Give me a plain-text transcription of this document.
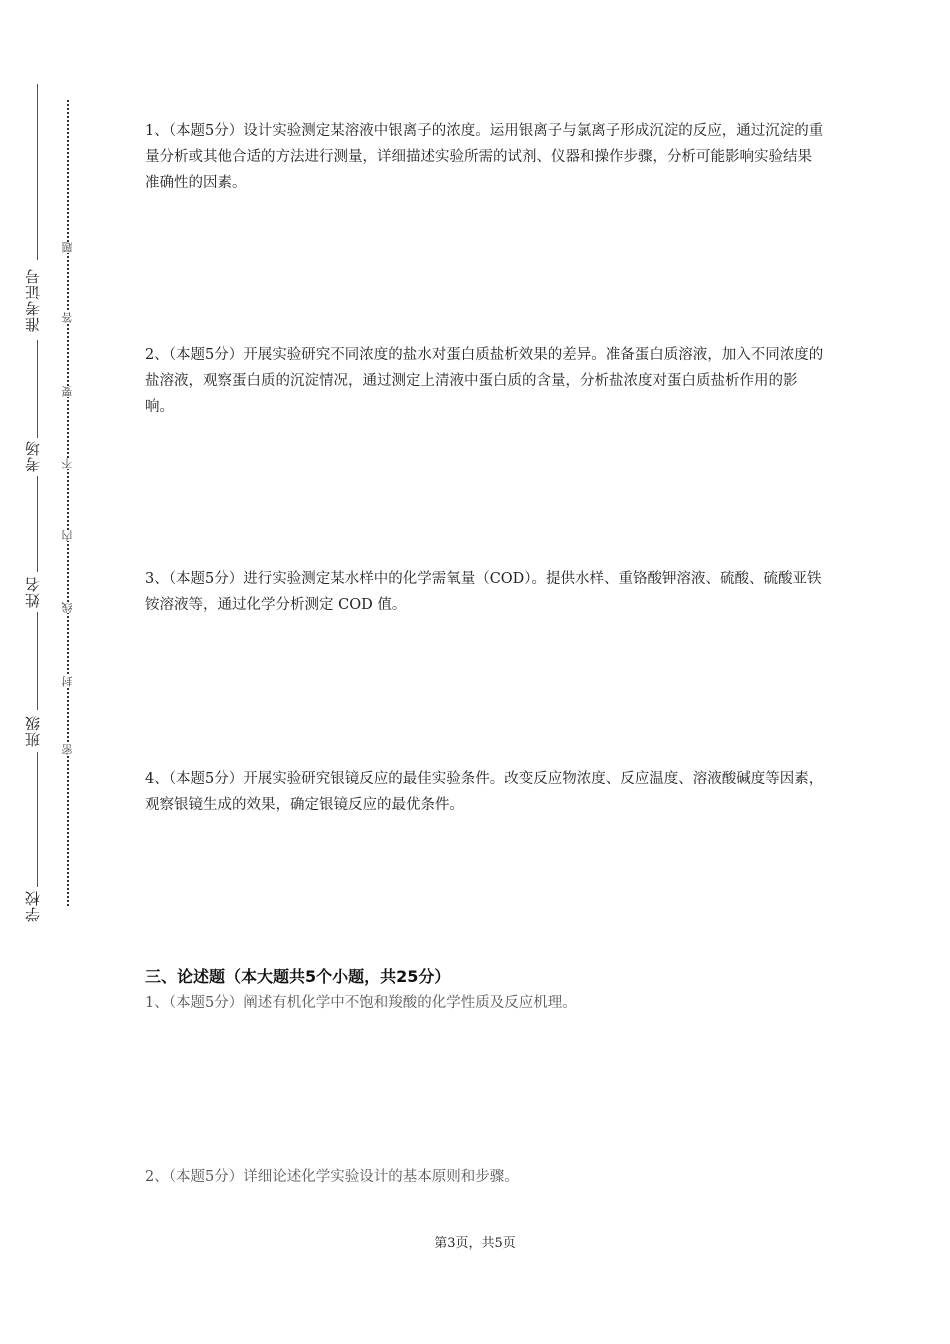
学校
班级
姓名
考场
准考证号
密
封
线
内
不
要
答
题
1、（本题5分）设计实验测定某溶液中银离子的浓度。运用银离子与氯离子形成沉淀的反应，通过沉淀的重量分析或其他合适的方法进行测量，详细描述实验所需的试剂、仪器和操作步骤，分析可能影响实验结果准确性的因素。
2、（本题5分）开展实验研究不同浓度的盐水对蛋白质盐析效果的差异。准备蛋白质溶液，加入不同浓度的盐溶液，观察蛋白质的沉淀情况，通过测定上清液中蛋白质的含量，分析盐浓度对蛋白质盐析作用的影响。
3、（本题5分）进行实验测定某水样中的化学需氧量（COD）。提供水样、重铬酸钾溶液、硫酸、硫酸亚铁铵溶液等，通过化学分析测定 COD 值。
4、（本题5分）开展实验研究银镜反应的最佳实验条件。改变反应物浓度、反应温度、溶液酸碱度等因素，观察银镜生成的效果，确定银镜反应的最优条件。
三、论述题（本大题共5个小题，共25分）
1、（本题5分）阐述有机化学中不饱和羧酸的化学性质及反应机理。
2、（本题5分）详细论述化学实验设计的基本原则和步骤。
第3页，共5页
